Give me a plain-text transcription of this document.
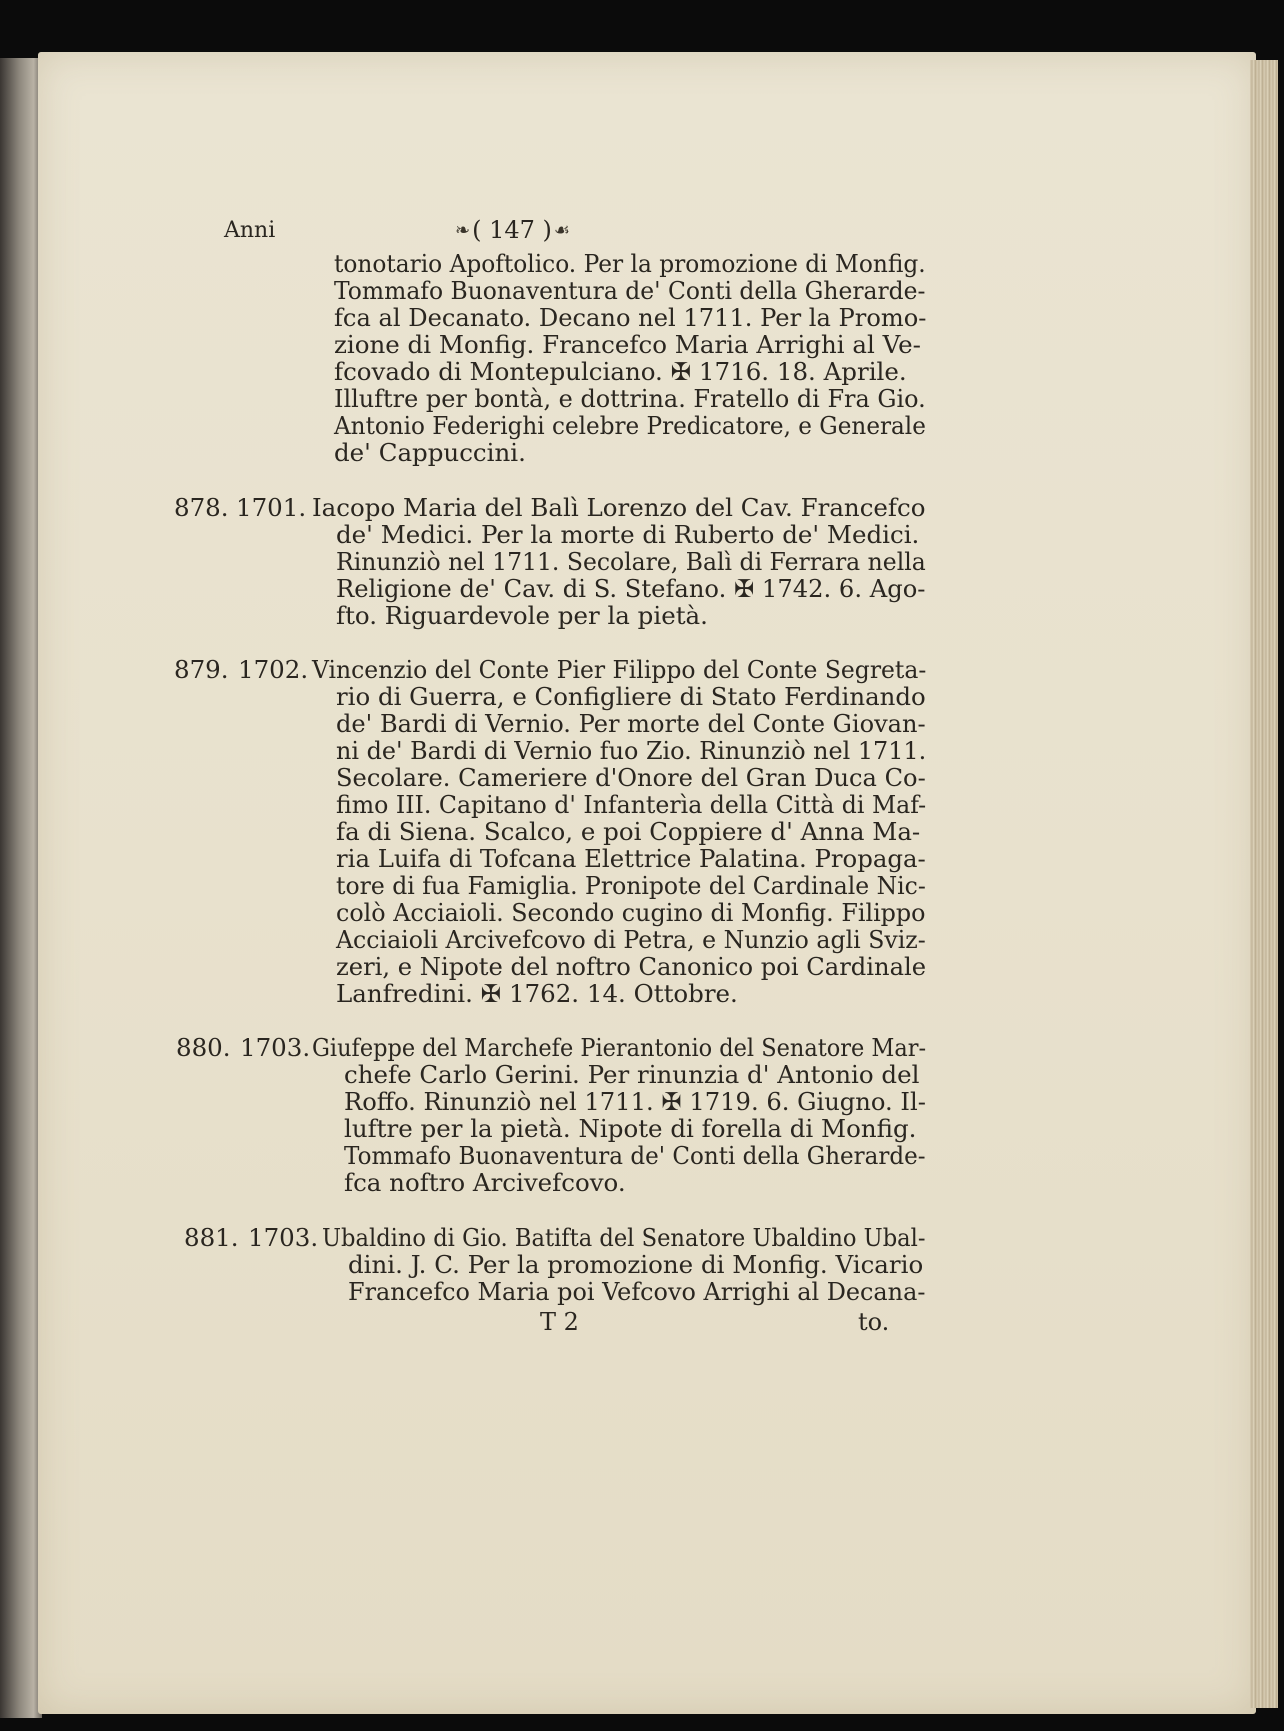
Anni	❧ ( 147 ) ☙
tonotario Apoftolico. Per la promozione di Monfig.
Tommafo Buonaventura de' Conti della Gherarde-
fca al Decanato. Decano nel 1711. Per la Promo-
zione di Monfig. Francefco Maria Arrighi al Ve-
fcovado di Montepulciano. ✠ 1716. 18. Aprile.
Illuftre per bontà, e dottrina. Fratello di Fra Gio.
Antonio Federighi celebre Predicatore, e Generale
de' Cappuccini.
878. 1701. Iacopo Maria del Balì Lorenzo del Cav. Francefco
de' Medici. Per la morte di Ruberto de' Medici.
Rinunziò nel 1711. Secolare, Balì di Ferrara nella
Religione de' Cav. di S. Stefano. ✠ 1742. 6. Ago-
fto. Riguardevole per la pietà.
879. 1702. Vincenzio del Conte Pier Filippo del Conte Segreta-
rio di Guerra, e Configliere di Stato Ferdinando
de' Bardi di Vernio. Per morte del Conte Giovan-
ni de' Bardi di Vernio fuo Zio. Rinunziò nel 1711.
Secolare. Cameriere d'Onore del Gran Duca Co-
fimo III. Capitano d' Infanterìa della Città di Maf-
fa di Siena. Scalco, e poi Coppiere d' Anna Ma-
ria Luifa di Tofcana Elettrice Palatina. Propaga-
tore di fua Famiglia. Pronipote del Cardinale Nic-
colò Acciaioli. Secondo cugino di Monfig. Filippo
Acciaioli Arcivefcovo di Petra, e Nunzio agli Sviz-
zeri, e Nipote del noftro Canonico poi Cardinale
Lanfredini. ✠ 1762. 14. Ottobre.
880. 1703. Giufeppe del Marchefe Pierantonio del Senatore Mar-
chefe Carlo Gerini. Per rinunzia d' Antonio del
Roffo. Rinunziò nel 1711. ✠ 1719. 6. Giugno. Il-
luftre per la pietà. Nipote di forella di Monfig.
Tommafo Buonaventura de' Conti della Gherarde-
fca noftro Arcivefcovo.
881. 1703. Ubaldino di Gio. Batifta del Senatore Ubaldino Ubal-
dini. J. C. Per la promozione di Monfig. Vicario
Francefco Maria poi Vefcovo Arrighi al Decana-
T 2	to.
